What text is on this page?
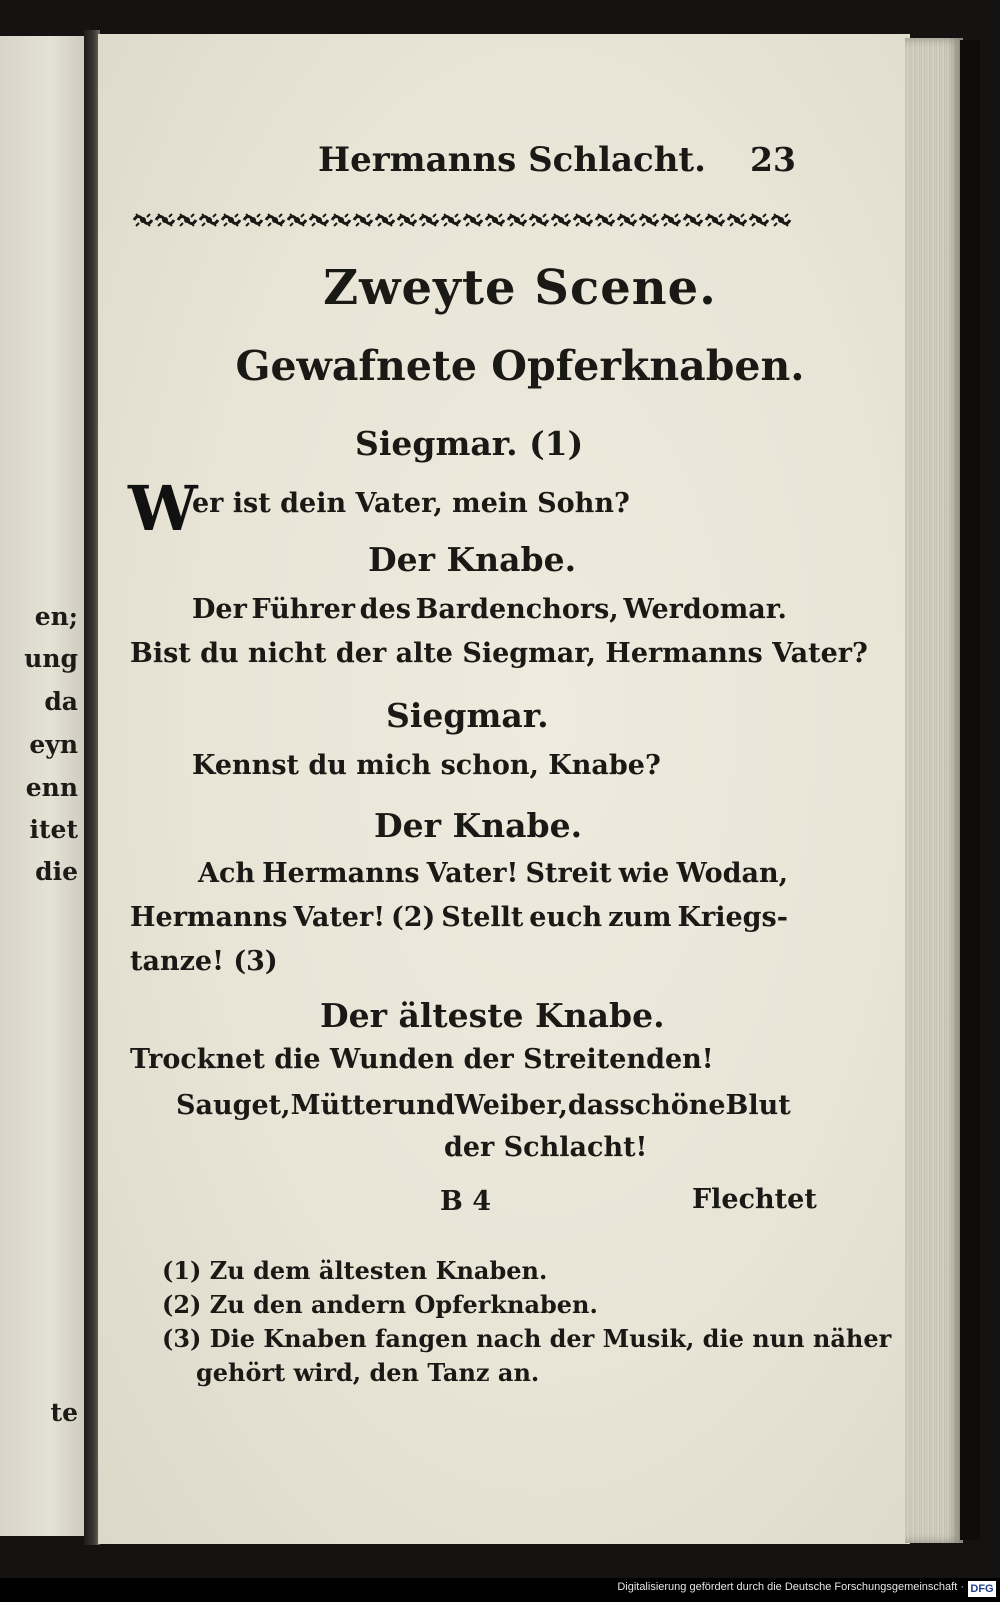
en;
ung
da
eyn
enn
itet
die
te
Hermanns Schlacht. 23
Zweyte Scene.
Gewafnete Opferknaben.
Siegmar. (1)
W
er ist dein Vater, mein Sohn?
Der Knabe.
Der Führer des Bardenchors, Werdomar.
Bist du nicht der alte Siegmar, Hermanns Vater?
Siegmar.
Kennst du mich schon, Knabe?
Der Knabe.
Ach Hermanns Vater! Streit wie Wodan,
Hermanns Vater! (2) Stellt euch zum Kriegs-
tanze! (3)
Der älteste Knabe.
Trocknet die Wunden der Streitenden!
Sauget, Mütter und Weiber, das schöne Blut
der Schlacht!
B 4	Flechtet
(1) Zu dem ältesten Knaben.
(2) Zu den andern Opferknaben.
(3) Die Knaben fangen nach der Musik, die nun näher
gehört wird, den Tanz an.
Digitalisierung gefördert durch die Deutsche Forschungsgemeinschaft · DFG
